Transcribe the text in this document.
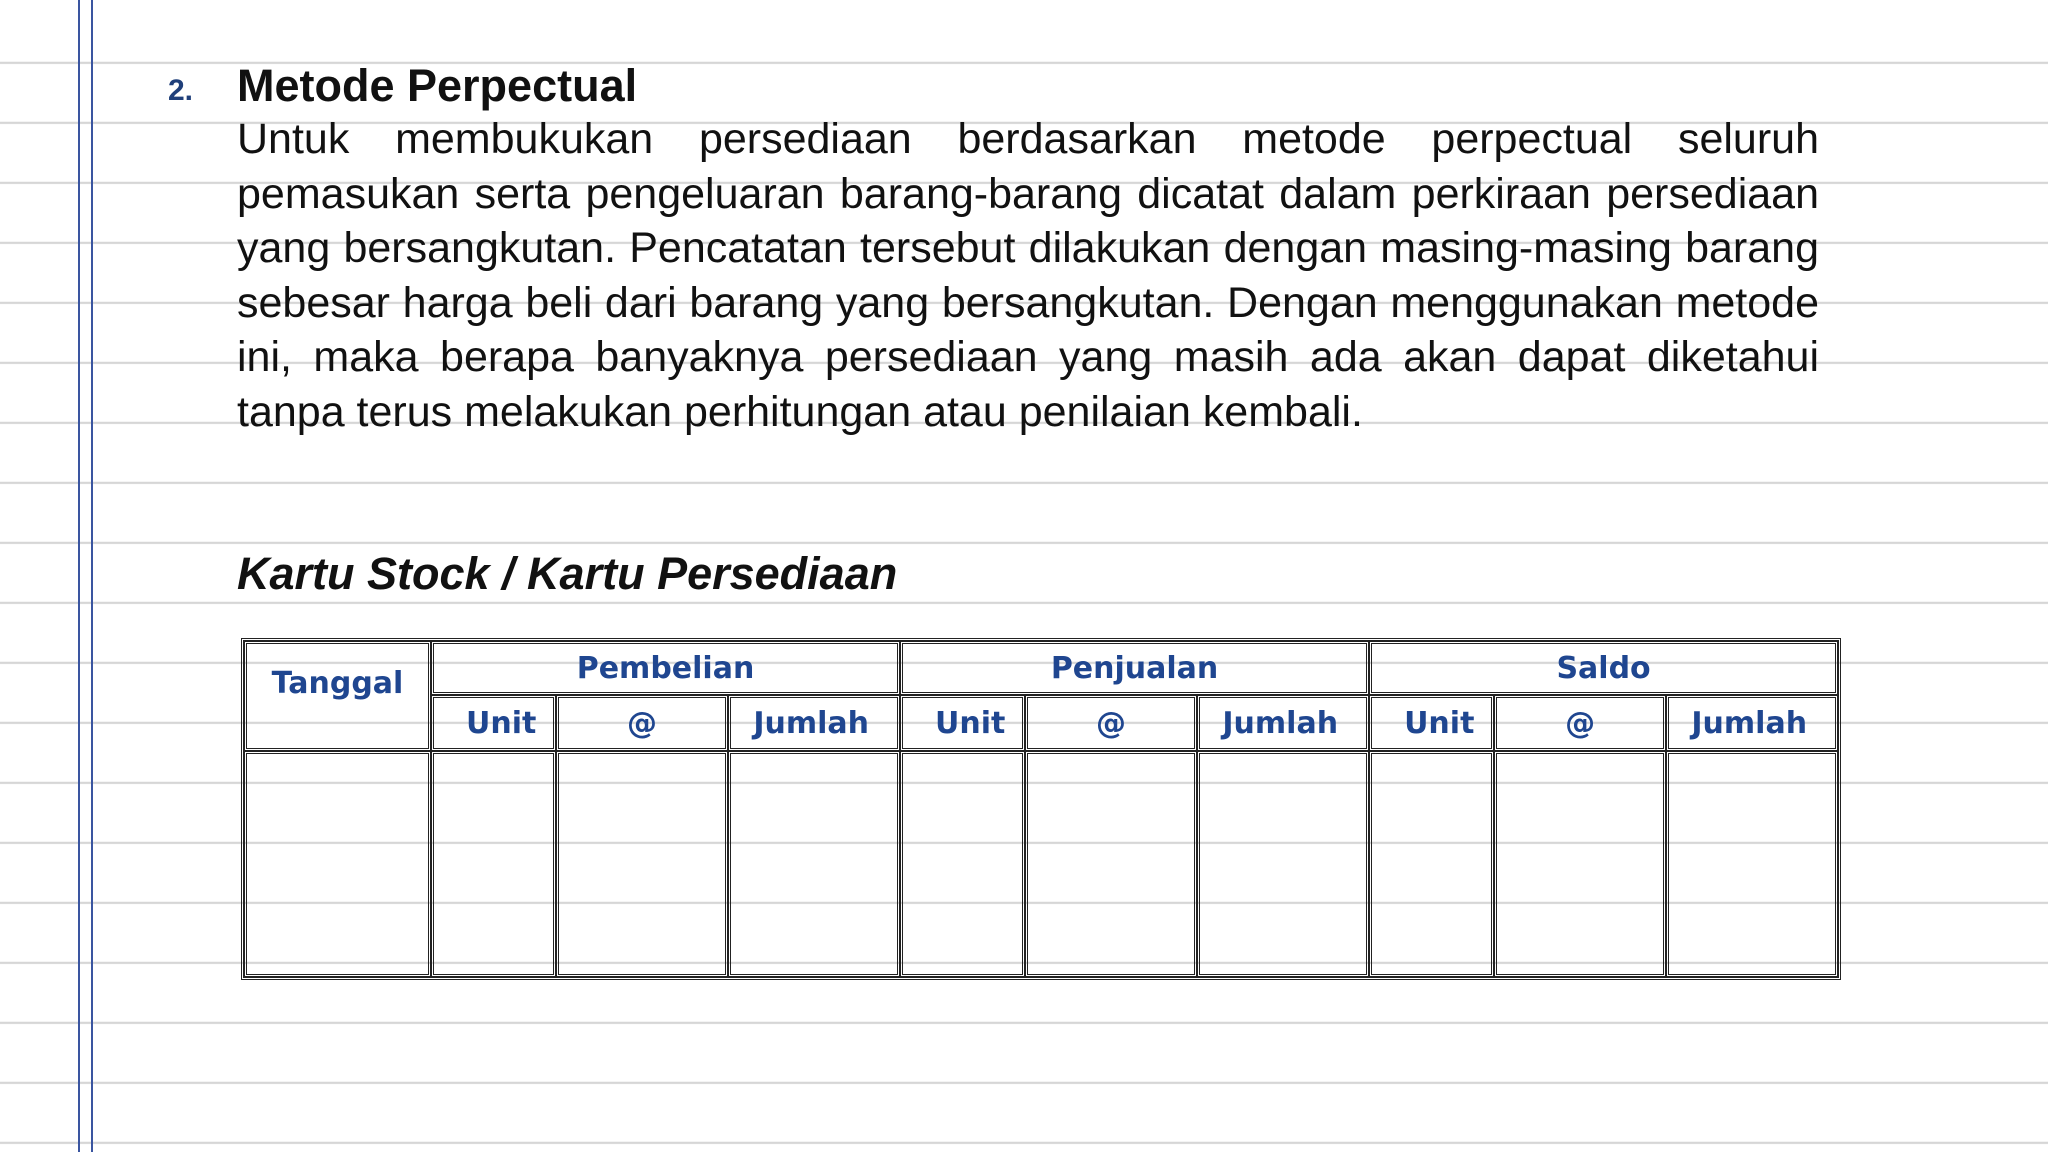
2. Metode Perpectual

Untuk membukukan persediaan berdasarkan metode perpectual seluruh pemasukan serta pengeluaran barang-barang dicatat dalam perkiraan persediaan yang bersangkutan. Pencatatan tersebut dilakukan dengan masing-masing barang sebesar harga beli dari barang yang bersangkutan. Dengan menggunakan metode ini, maka berapa banyaknya persediaan yang masih ada akan dapat diketahui tanpa terus melakukan perhitungan atau penilaian kembali.

Kartu Stock / Kartu Persediaan
Tanggal	Pembelian			Penjualan			Saldo		
	Unit	@	Jumlah	Unit	@	Jumlah	Unit	@	Jumlah
